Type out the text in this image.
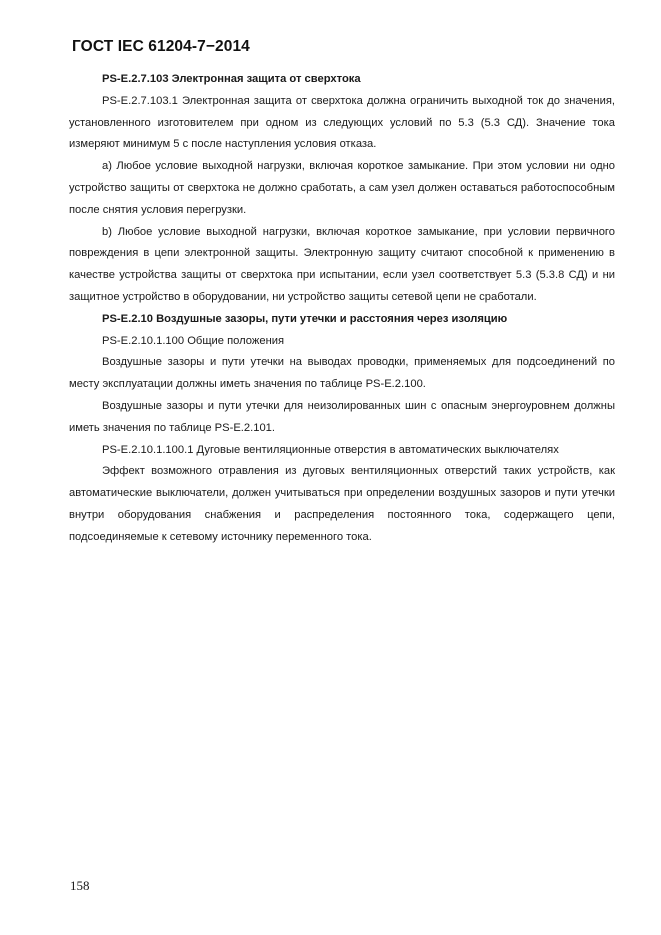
ГОСТ IEC 61204-7−2014

PS-E.2.7.103 Электронная защита от сверхтока

PS-E.2.7.103.1 Электронная защита от сверхтока должна ограничить выходной ток до значения, установленного изготовителем при одном из следующих условий по 5.3 (5.3 СД). Значение тока измеряют минимум 5 с после наступления условия отказа.

a) Любое условие выходной нагрузки, включая короткое замыкание. При этом условии ни одно устройство защиты от сверхтока не должно сработать, а сам узел должен оставаться работоспособным после снятия условия перегрузки.

b) Любое условие выходной нагрузки, включая короткое замыкание, при условии первичного повреждения в цепи электронной защиты. Электронную защиту считают способной к применению в качестве устройства защиты от сверхтока при испытании, если узел соответствует 5.3 (5.3.8 СД) и ни защитное устройство в оборудовании, ни устройство защиты сетевой цепи не сработали.

PS-E.2.10 Воздушные зазоры, пути утечки и расстояния через изоляцию

PS-E.2.10.1.100 Общие положения

Воздушные зазоры и пути утечки на выводах проводки, применяемых для подсоединений по месту эксплуатации должны иметь значения по таблице PS-E.2.100.

Воздушные зазоры и пути утечки для неизолированных шин с опасным энергоуровнем должны иметь значения по таблице PS-E.2.101.

PS-E.2.10.1.100.1 Дуговые вентиляционные отверстия в автоматических выключателях

Эффект возможного отравления из дуговых вентиляционных отверстий таких устройств, как автоматические выключатели, должен учитываться при определении воздушных зазоров и пути утечки внутри оборудования снабжения и распределения постоянного тока, содержащего цепи, подсоединяемые к сетевому источнику переменного тока.

158
